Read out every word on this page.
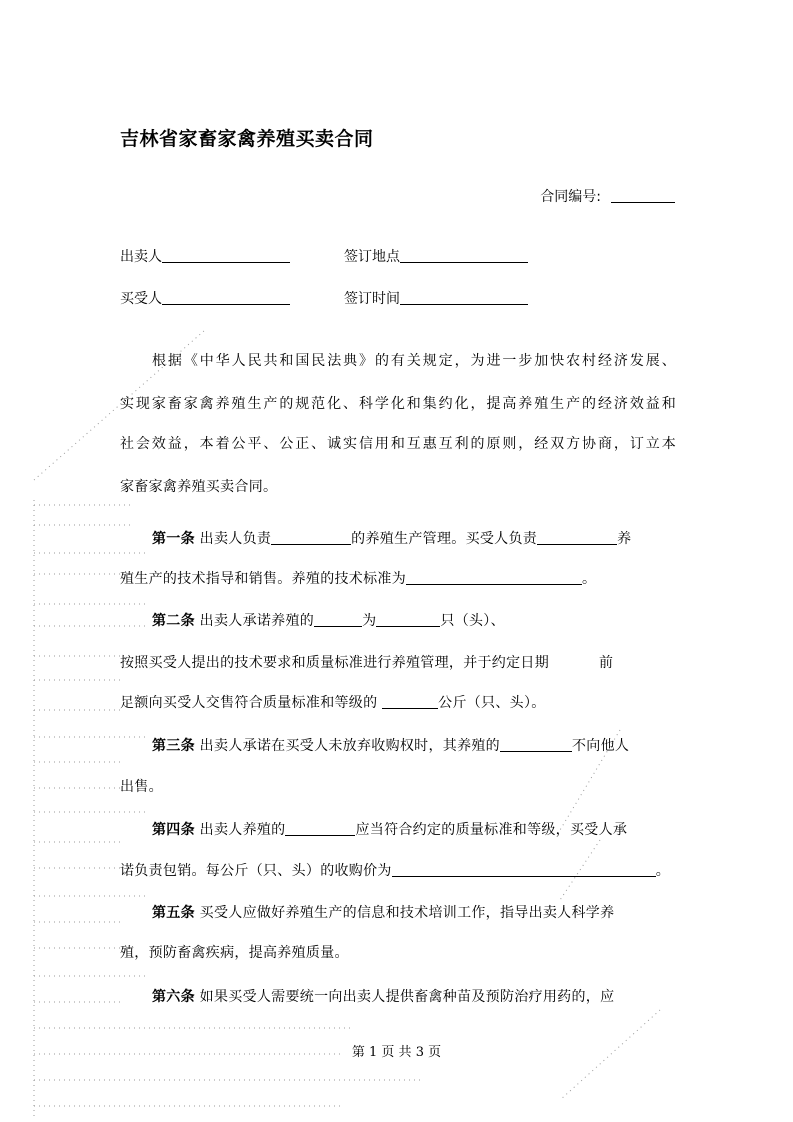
吉林省家畜家禽养殖买卖合同
合同编号:
出卖人	签订地点
买受人	签订时间
根据《中华人民共和国民法典》的有关规定，为进一步加快农村经济发展、
实现家畜家禽养殖生产的规范化、科学化和集约化，提高养殖生产的经济效益和
社会效益，本着公平、公正、诚实信用和互惠互利的原则，经双方协商，订立本
家畜家禽养殖买卖合同。
第一条 出卖人负责	的养殖生产管理。买受人负责	养
殖生产的技术指导和销售。养殖的技术标准为	。
第二条 出卖人承诺养殖的	为	只（头）、
按照买受人提出的技术要求和质量标准进行养殖管理，并于约定日期	前
足额向买受人交售符合质量标准和等级的	公斤（只、头）。
第三条 出卖人承诺在买受人未放弃收购权时，其养殖的	不向他人
出售。
第四条 出卖人养殖的	应当符合约定的质量标准和等级，买受人承
诺负责包销。每公斤（只、头）的收购价为	。
第五条 买受人应做好养殖生产的信息和技术培训工作，指导出卖人科学养
殖，预防畜禽疾病，提高养殖质量。
第六条 如果买受人需要统一向出卖人提供畜禽种苗及预防治疗用药的，应
第 1 页 共 3 页
